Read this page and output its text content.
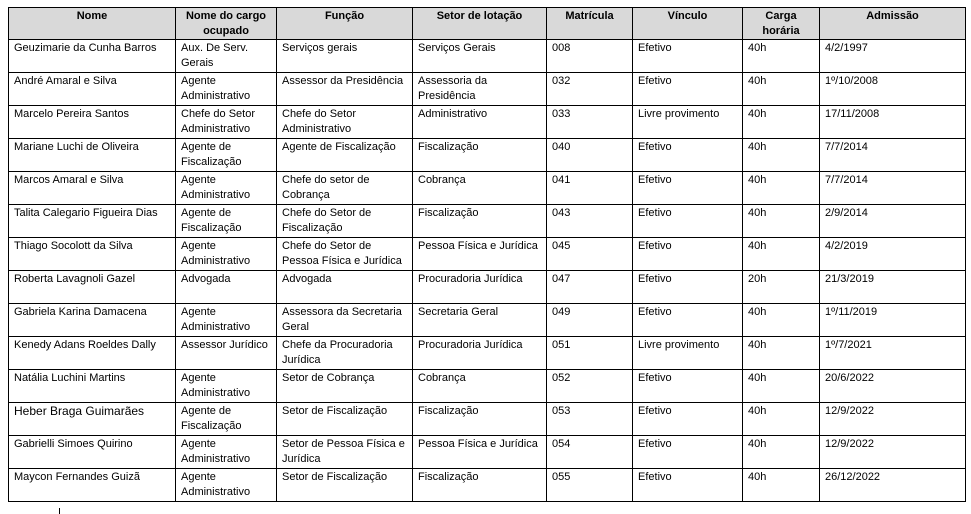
Nome	Nome do cargo ocupado	Função	Setor de lotação	Matrícula	Vínculo	Carga horária	Admissão
Geuzimarie da Cunha Barros	Aux. De Serv. Gerais	Serviços gerais	Serviços Gerais	008	Efetivo	40h	4/2/1997
André Amaral e Silva	Agente Administrativo	Assessor da Presidência	Assessoria da Presidência	032	Efetivo	40h	1º/10/2008
Marcelo Pereira Santos	Chefe do Setor Administrativo	Chefe do Setor Administrativo	Administrativo	033	Livre provimento	40h	17/11/2008
Mariane Luchi de Oliveira	Agente de Fiscalização	Agente de Fiscalização	Fiscalização	040	Efetivo	40h	7/7/2014
Marcos Amaral e Silva	Agente Administrativo	Chefe do setor de Cobrança	Cobrança	041	Efetivo	40h	7/7/2014
Talita Calegario Figueira Dias	Agente de Fiscalização	Chefe do Setor de Fiscalização	Fiscalização	043	Efetivo	40h	2/9/2014
Thiago Socolott da Silva	Agente Administrativo	Chefe do Setor de Pessoa Física e Jurídica	Pessoa Física e Jurídica	045	Efetivo	40h	4/2/2019
Roberta Lavagnoli Gazel	Advogada	Advogada	Procuradoria Jurídica	047	Efetivo	20h	21/3/2019
Gabriela Karina Damacena	Agente Administrativo	Assessora da Secretaria Geral	Secretaria Geral	049	Efetivo	40h	1º/11/2019
Kenedy Adans Roeldes Dally	Assessor Jurídico	Chefe da Procuradoria Jurídica	Procuradoria Jurídica	051	Livre provimento	40h	1º/7/2021
Natália Luchini Martins	Agente Administrativo	Setor de Cobrança	Cobrança	052	Efetivo	40h	20/6/2022
Heber Braga Guimarães	Agente de Fiscalização	Setor de Fiscalização	Fiscalização	053	Efetivo	40h	12/9/2022
Gabrielli Simoes Quirino	Agente Administrativo	Setor de Pessoa Física e Jurídica	Pessoa Física e Jurídica	054	Efetivo	40h	12/9/2022
Maycon Fernandes Guizã	Agente Administrativo	Setor de Fiscalização	Fiscalização	055	Efetivo	40h	26/12/2022
